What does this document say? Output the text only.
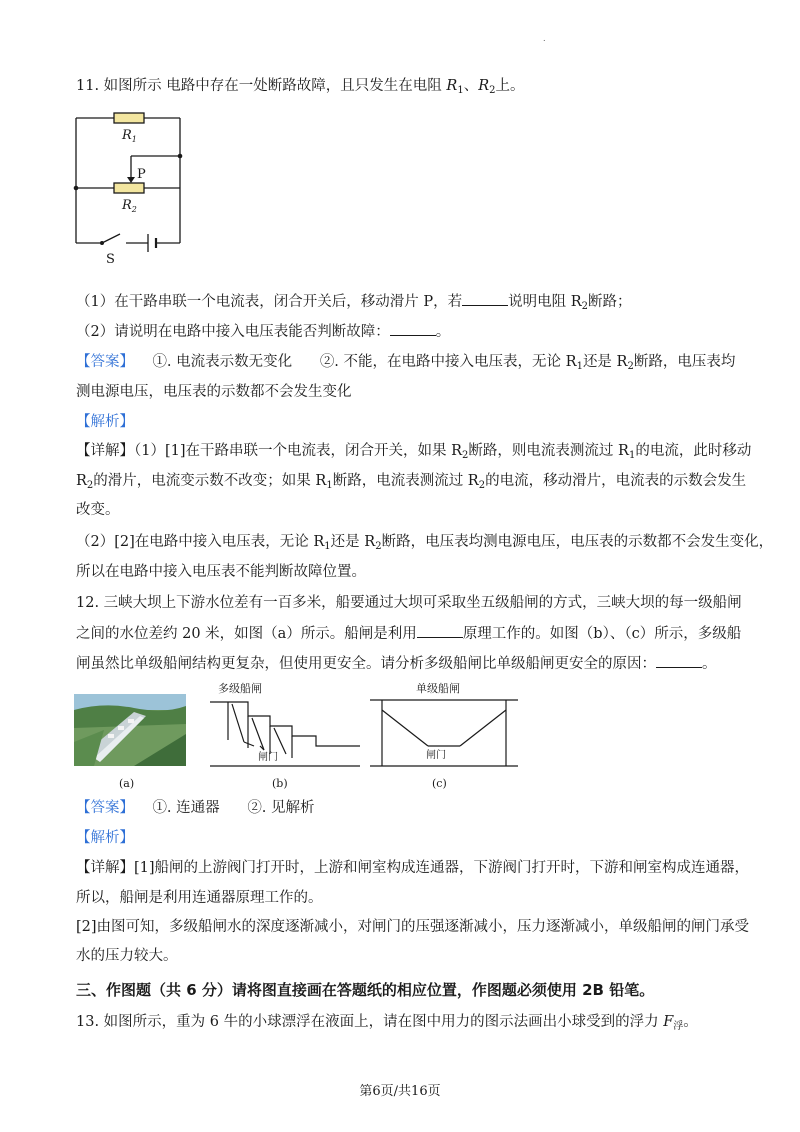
.
11. 如图所示 电路中存在一处断路故障，且只发生在电阻 $R_1$、$R_2$上。
$R_1$
P
$R_2$
S
（1）在干路串联一个电流表，闭合开关后，移动滑片 P，若	说明电阻 $R_2$断路；
（2）请说明在电路中接入电压表能否判断故障：	。
【答案】 ①. 电流表示数无变化 ②. 不能，在电路中接入电压表，无论 $R_1$还是 $R_2$断路，电压表均
测电源电压，电压表的示数都不会发生变化
【解析】
【详解】（1）[1]在干路串联一个电流表，闭合开关，如果 $R_2$断路，则电流表测流过 $R_1$的电流，此时移动
$R_2$的滑片，电流变示数不改变；如果 $R_1$断路，电流表测流过 $R_2$的电流，移动滑片，电流表的示数会发生
改变。
（2）[2]在电路中接入电压表，无论 $R_1$还是 $R_2$断路，电压表均测电源电压，电压表的示数都不会发生变化，
所以在电路中接入电压表不能判断故障位置。
12. 三峡大坝上下游水位差有一百多米，船要通过大坝可采取坐五级船闸的方式，三峡大坝的每一级船闸
之间的水位差约 20 米，如图（a）所示。船闸是利用	原理工作的。如图（b）、（c）所示，多级船
闸虽然比单级船闸结构更复杂，但使用更安全。请分析多级船闸比单级船闸更安全的原因：	。
(a)
多级船闸
闸门
(b)
单级船闸
闸门
(c)
【答案】 ①. 连通器 ②. 见解析
【解析】
【详解】[1]船闸的上游阀门打开时，上游和闸室构成连通器，下游阀门打开时，下游和闸室构成连通器，
所以，船闸是利用连通器原理工作的。
[2]由图可知，多级船闸水的深度逐渐减小，对闸门的压强逐渐减小，压力逐渐减小，单级船闸的闸门承受
水的压力较大。
三、作图题（共 6 分）请将图直接画在答题纸的相应位置，作图题必须使用 2B 铅笔。
13. 如图所示，重为 6 牛的小球漂浮在液面上，请在图中用力的图示法画出小球受到的浮力 $F_浮$。
第6页/共16页
